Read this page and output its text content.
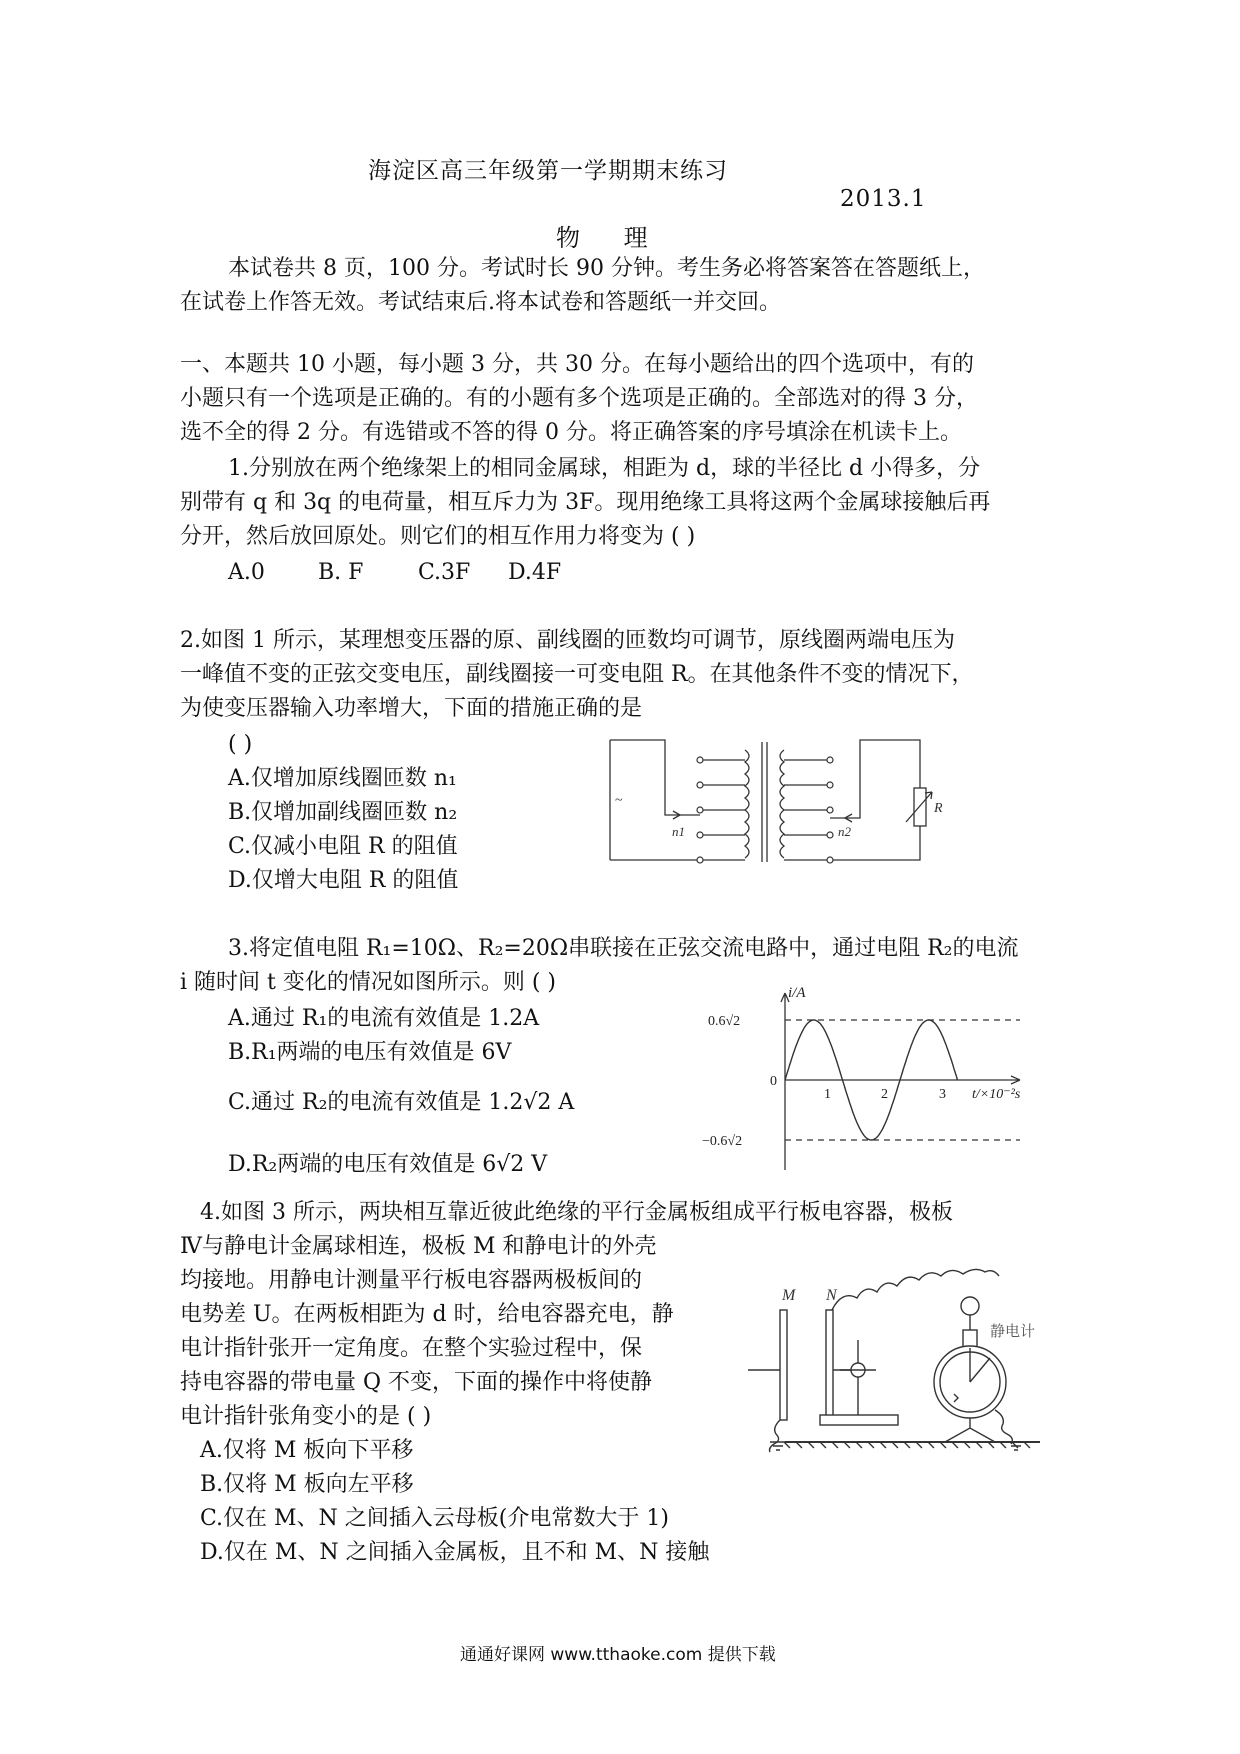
海淀区高三年级第一学期期末练习
2013.1
物 理
本试卷共 8 页，100 分。考试时长 90 分钟。考生务必将答案答在答题纸上，
在试卷上作答无效。考试结束后.将本试卷和答题纸一并交回。
一、本题共 10 小题，每小题 3 分，共 30 分。在每小题给出的四个选项中，有的
小题只有一个选项是正确的。有的小题有多个选项是正确的。全部选对的得 3 分，
选不全的得 2 分。有选错或不答的得 0 分。将正确答案的序号填涂在机读卡上。
1.分别放在两个绝缘架上的相同金属球，相距为 d，球的半径比 d 小得多，分
别带有 q 和 3q 的电荷量，相互斥力为 3F。现用绝缘工具将这两个金属球接触后再
分开，然后放回原处。则它们的相互作用力将变为 ( )
A.0 B. F C.3F D.4F
2.如图 1 所示，某理想变压器的原、副线圈的匝数均可调节，原线圈两端电压为
一峰值不变的正弦交变电压，副线圈接一可变电阻 R。在其他条件不变的情况下，
为使变压器输入功率增大，下面的措施正确的是
( )
A.仅增加原线圈匝数 n₁
B.仅增加副线圈匝数 n₂
C.仅减小电阻 R 的阻值
D.仅增大电阻 R 的阻值
~
n1	n2
R
3.将定值电阻 R₁=10Ω、R₂=20Ω串联接在正弦交流电路中，通过电阻 R₂的电流
i 随时间 t 变化的情况如图所示。则 ( )
A.通过 R₁的电流有效值是 1.2A
B.R₁两端的电压有效值是 6V
C.通过 R₂的电流有效值是 1.2√2 A
D.R₂两端的电压有效值是 6√2 V
i/A
0.6√2
0
−0.6√2
1	2	3 t/×10⁻²s
4.如图 3 所示，两块相互靠近彼此绝缘的平行金属板组成平行板电容器，极板
Ⅳ与静电计金属球相连，极板 M 和静电计的外壳
均接地。用静电计测量平行板电容器两极板间的
电势差 U。在两板相距为 d 时，给电容器充电，静
电计指针张开一定角度。在整个实验过程中，保
持电容器的带电量 Q 不变，下面的操作中将使静
电计指针张角变小的是 ( )
A.仅将 M 板向下平移
B.仅将 M 板向左平移
C.仅在 M、N 之间插入云母板(介电常数大于 1)
D.仅在 M、N 之间插入金属板，且不和 M、N 接触
M N
静电计
通通好课网 www.tthaoke.com 提供下载
